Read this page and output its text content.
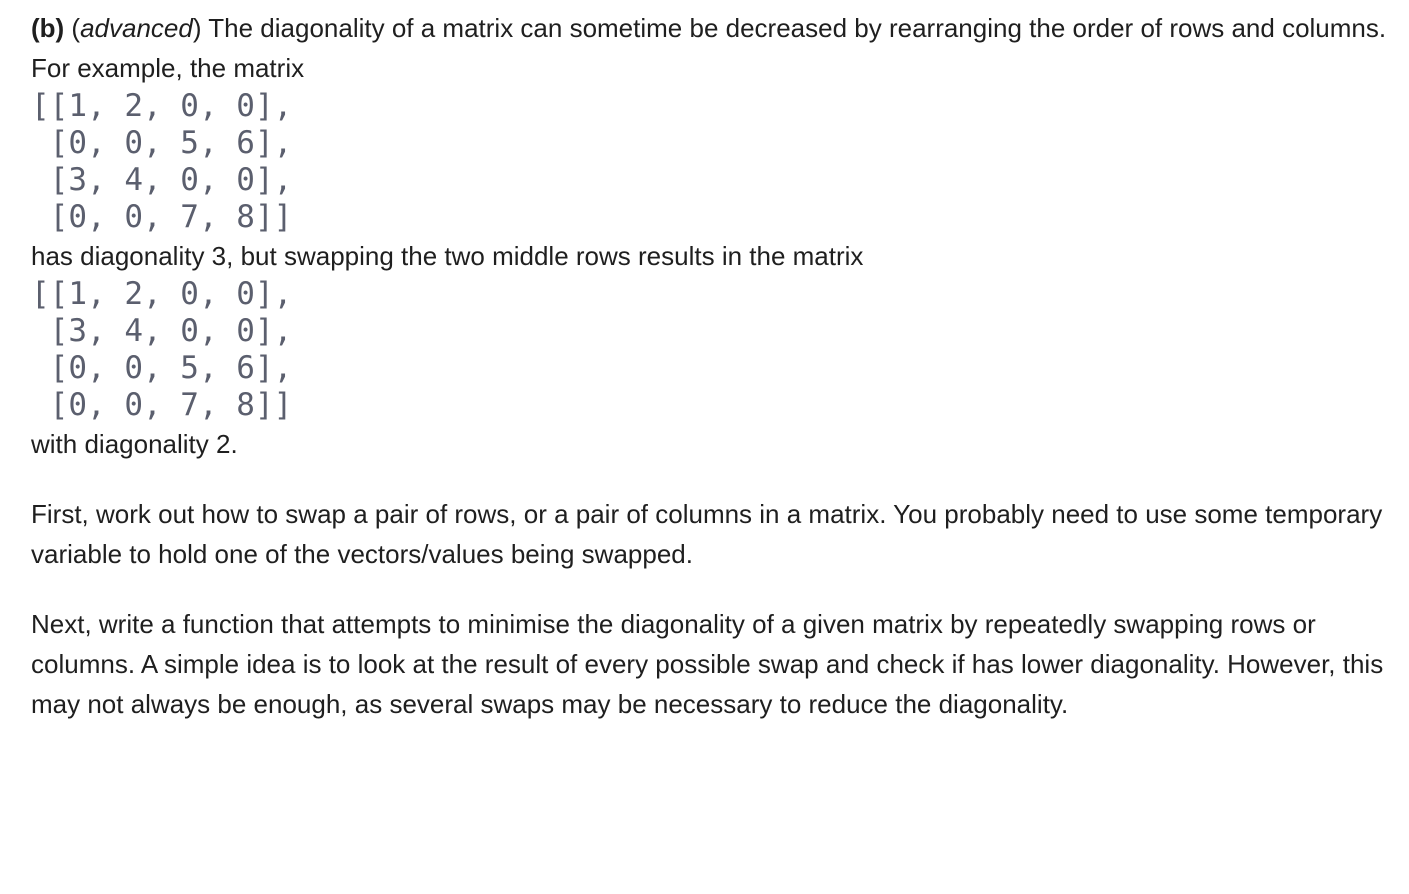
(b) (advanced) The diagonality of a matrix can sometime be decreased by rearranging the order of rows and columns. For example, the matrix

[[1, 2, 0, 0],
[0, 0, 5, 6],
[3, 4, 0, 0],
[0, 0, 7, 8]]

has diagonality 3, but swapping the two middle rows results in the matrix

[[1, 2, 0, 0],
[3, 4, 0, 0],
[0, 0, 5, 6],
[0, 0, 7, 8]]

with diagonality 2.

First, work out how to swap a pair of rows, or a pair of columns in a matrix. You probably need to use some temporary variable to hold one of the vectors/values being swapped.

Next, write a function that attempts to minimise the diagonality of a given matrix by repeatedly swapping rows or columns. A simple idea is to look at the result of every possible swap and check if has lower diagonality. However, this may not always be enough, as several swaps may be necessary to reduce the diagonality.
